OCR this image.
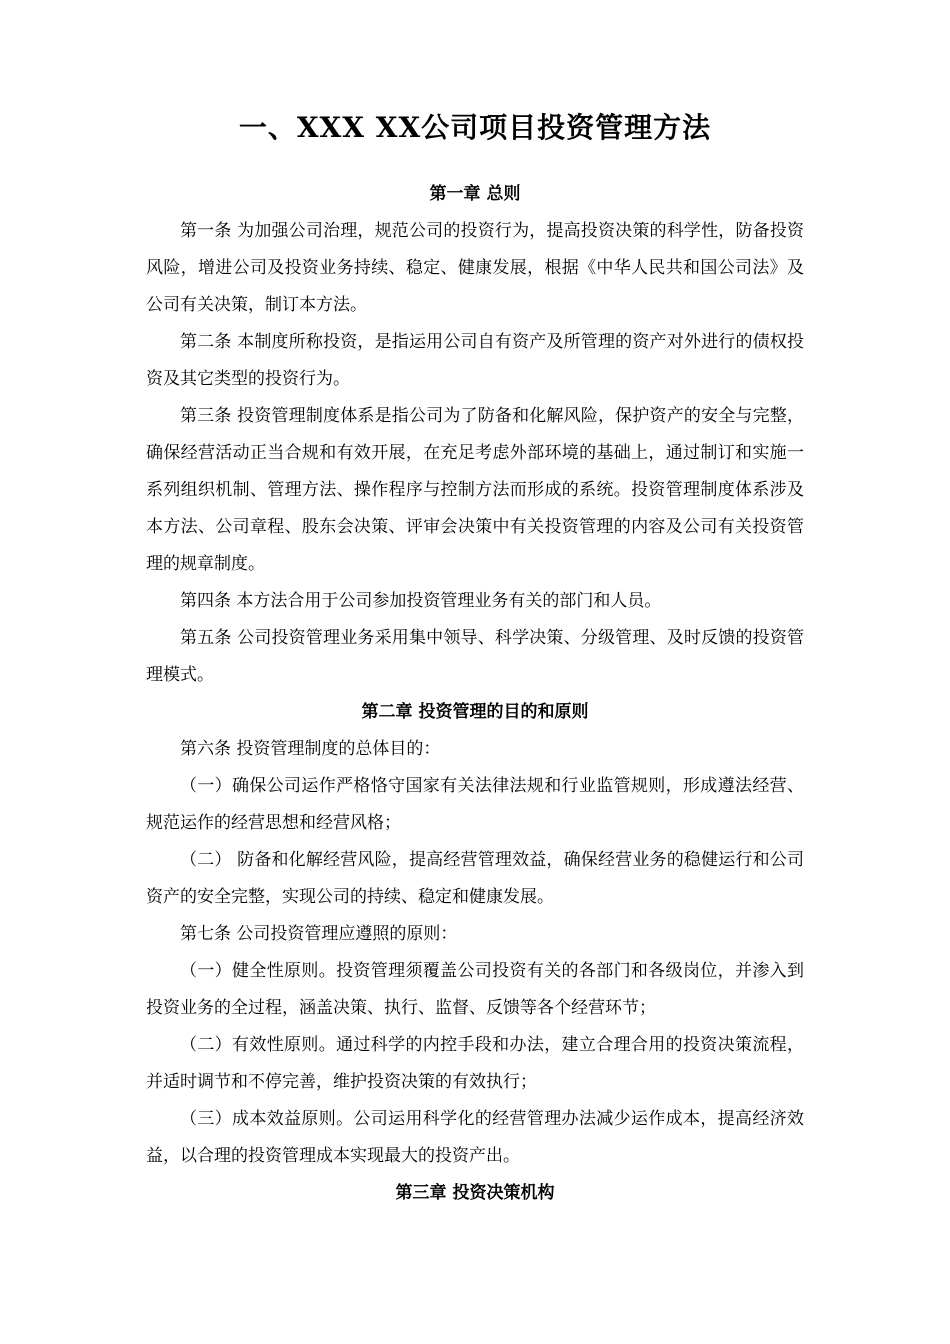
一、XXX XX公司项目投资管理方法
第一章 总则

第一条 为加强公司治理，规范公司的投资行为，提高投资决策的科学性，防备投资风险，增进公司及投资业务持续、稳定、健康发展，根据《中华人民共和国公司法》及公司有关决策，制订本方法。

第二条 本制度所称投资，是指运用公司自有资产及所管理的资产对外进行的债权投资及其它类型的投资行为。

第三条 投资管理制度体系是指公司为了防备和化解风险，保护资产的安全与完整，确保经营活动正当合规和有效开展，在充足考虑外部环境的基础上，通过制订和实施一系列组织机制、管理方法、操作程序与控制方法而形成的系统。投资管理制度体系涉及本方法、公司章程、股东会决策、评审会决策中有关投资管理的内容及公司有关投资管理的规章制度。

第四条 本方法合用于公司参加投资管理业务有关的部门和人员。

第五条 公司投资管理业务采用集中领导、科学决策、分级管理、及时反馈的投资管理模式。

第二章 投资管理的目的和原则

第六条 投资管理制度的总体目的：

（一）确保公司运作严格恪守国家有关法律法规和行业监管规则，形成遵法经营、规范运作的经营思想和经营风格；

（二） 防备和化解经营风险，提高经营管理效益，确保经营业务的稳健运行和公司资产的安全完整，实现公司的持续、稳定和健康发展。

第七条 公司投资管理应遵照的原则：

（一）健全性原则。投资管理须覆盖公司投资有关的各部门和各级岗位，并渗入到投资业务的全过程，涵盖决策、执行、监督、反馈等各个经营环节；

（二）有效性原则。通过科学的内控手段和办法，建立合理合用的投资决策流程，并适时调节和不停完善，维护投资决策的有效执行；

（三）成本效益原则。公司运用科学化的经营管理办法减少运作成本，提高经济效益，以合理的投资管理成本实现最大的投资产出。

第三章 投资决策机构
